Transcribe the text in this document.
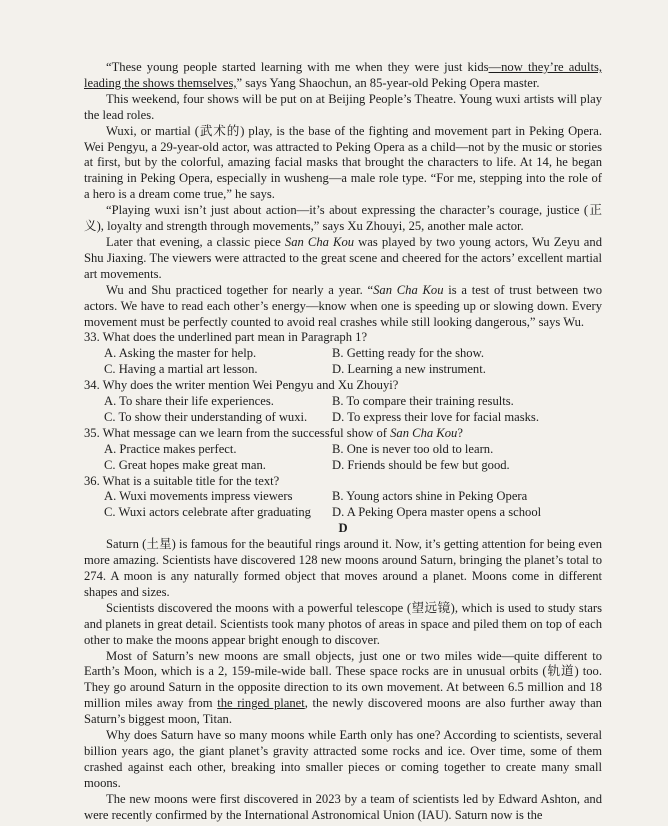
“These young people started learning with me when they were just kids—now they’re adults, leading the shows themselves,” says Yang Shaochun, an 85-year-old Peking Opera master.

This weekend, four shows will be put on at Beijing People’s Theatre. Young wuxi artists will play the lead roles.

Wuxi, or martial (武术的) play, is the base of the fighting and movement part in Peking Opera. Wei Pengyu, a 29-year-old actor, was attracted to Peking Opera as a child—not by the music or stories at first, but by the colorful, amazing facial masks that brought the characters to life. At 14, he began training in Peking Opera, especially in wusheng—a male role type. “For me, stepping into the role of a hero is a dream come true,” he says.

“Playing wuxi isn’t just about action—it’s about expressing the character’s courage, justice (正义), loyalty and strength through movements,” says Xu Zhouyi, 25, another male actor.

Later that evening, a classic piece San Cha Kou was played by two young actors, Wu Zeyu and Shu Jiaxing. The viewers were attracted to the great scene and cheered for the actors’ excellent martial art movements.

Wu and Shu practiced together for nearly a year. “San Cha Kou is a test of trust between two actors. We have to read each other’s energy—know when one is speeding up or slowing down. Every movement must be perfectly counted to avoid real crashes while still looking dangerous,” says Wu.

33. What does the underlined part mean in Paragraph 1?

A. Asking the master for help.	B. Getting ready for the show.
C. Having a martial art lesson.	D. Learning a new instrument.

34. Why does the writer mention Wei Pengyu and Xu Zhouyi?

A. To share their life experiences.	B. To compare their training results.
C. To show their understanding of wuxi.	D. To express their love for facial masks.

35. What message can we learn from the successful show of San Cha Kou?

A. Practice makes perfect.	B. One is never too old to learn.
C. Great hopes make great man.	D. Friends should be few but good.

36. What is a suitable title for the text?

A. Wuxi movements impress viewers	B. Young actors shine in Peking Opera
C. Wuxi actors celebrate after graduating	D. A Peking Opera master opens a school

D

Saturn (土星) is famous for the beautiful rings around it. Now, it’s getting attention for being even more amazing. Scientists have discovered 128 new moons around Saturn, bringing the planet’s total to 274. A moon is any naturally formed object that moves around a planet. Moons come in different shapes and sizes.

Scientists discovered the moons with a powerful telescope (望远镜), which is used to study stars and planets in great detail. Scientists took many photos of areas in space and piled them on top of each other to make the moons appear bright enough to discover.

Most of Saturn’s new moons are small objects, just one or two miles wide—quite different to Earth’s Moon, which is a 2, 159-mile-wide ball. These space rocks are in unusual orbits (轨道) too. They go around Saturn in the opposite direction to its own movement. At between 6.5 million and 18 million miles away from the ringed planet, the newly discovered moons are also further away than Saturn’s biggest moon, Titan.

Why does Saturn have so many moons while Earth only has one? According to scientists, several billion years ago, the giant planet’s gravity attracted some rocks and ice. Over time, some of them crashed against each other, breaking into smaller pieces or coming together to create many small moons.

The new moons were first discovered in 2023 by a team of scientists led by Edward Ashton, and were recently confirmed by the International Astronomical Union (IAU). Saturn now is the
